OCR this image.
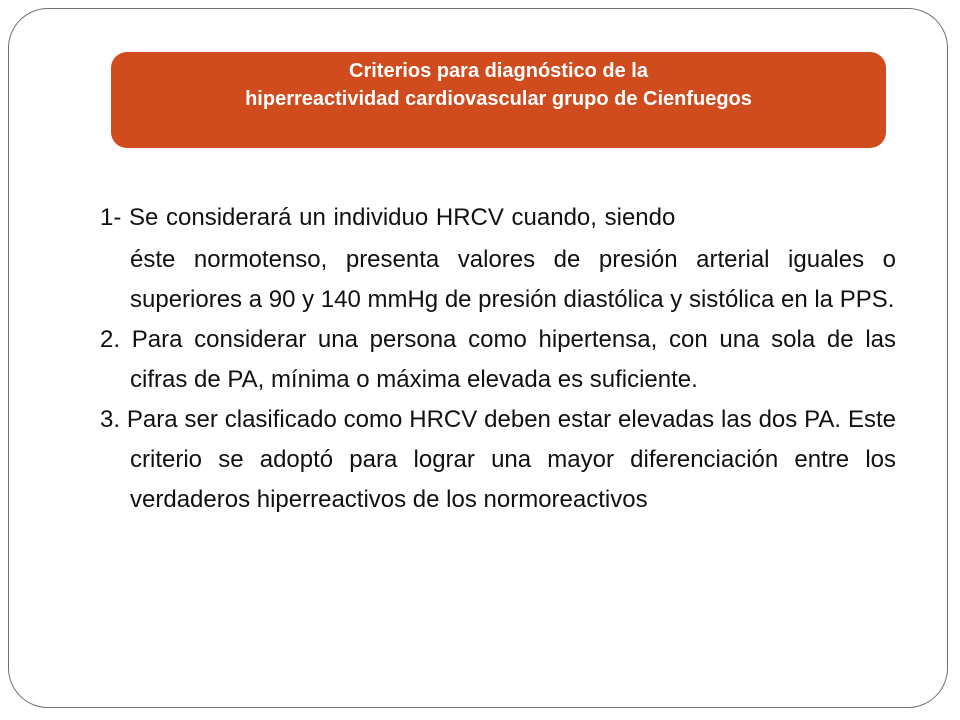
Criterios para diagnóstico de la
hiperreactividad cardiovascular grupo de Cienfuegos

1- Se considerará un individuo HRCV cuando, siendo

éste normotenso, presenta valores de presión arterial iguales o superiores a 90 y 140 mmHg de presión diastólica y sistólica en la PPS.

2. Para considerar una persona como hipertensa, con una sola de las cifras de PA, mínima o máxima elevada es suficiente.

3. Para ser clasificado como HRCV deben estar elevadas las dos PA. Este criterio se adoptó para lograr una mayor diferenciación entre los verdaderos hiperreactivos de los normoreactivos
